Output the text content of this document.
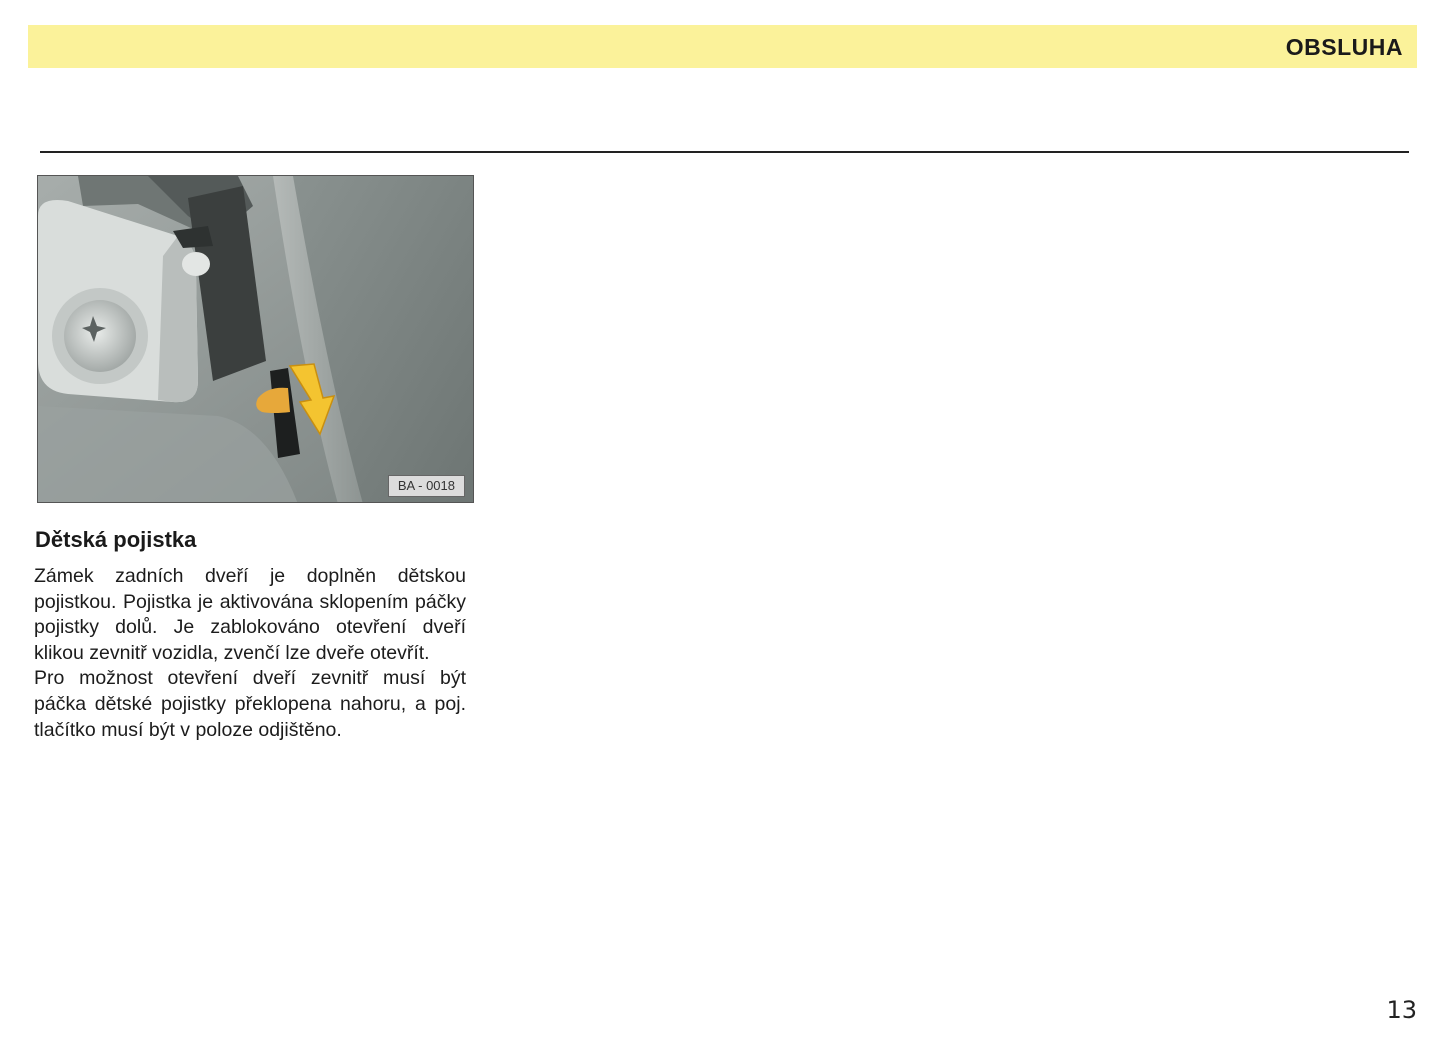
OBSLUHA
BA - 0018
Dětská pojistka

Zámek zadních dveří je doplněn dětskou pojistkou. Pojistka je aktivována sklopením páčky pojistky dolů. Je zablokováno otevření dveří klikou zevnitř vozidla, zvenčí lze dveře otevřít.

Pro možnost otevření dveří zevnitř musí být páčka dětské pojistky překlopena nahoru, a poj. tlačítko musí být v poloze odjištěno.

13
